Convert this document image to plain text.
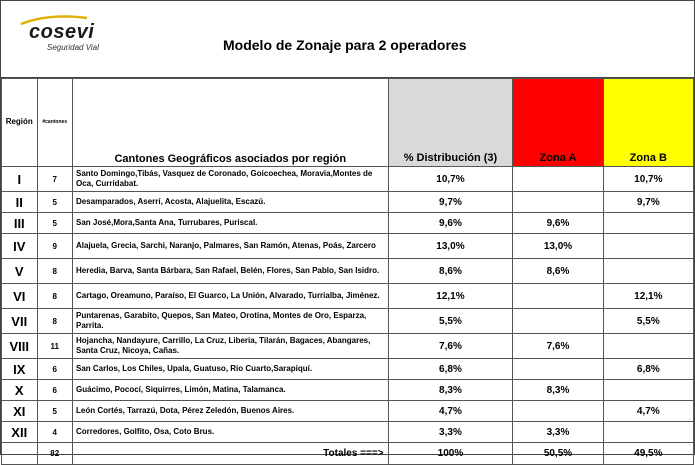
cosevi
Seguridad Vial	Modelo de Zonaje para 2 operadores
Región	#cantones	Cantones Geográficos asociados por región	% Distribución (3)	Zona A	Zona B
I	7	Santo Domingo,Tibás, Vasquez de Coronado, Goicoechea, Moravia,Montes de Oca, Curridabat.	10,7%		10,7%
II	5	Desamparados, Aserrí, Acosta, Alajuelita, Escazú.	9,7%		9,7%
III	5	San José,Mora,Santa Ana, Turrubares, Puriscal.	9,6%	9,6%	
IV	9	Alajuela, Grecia, Sarchi, Naranjo, Palmares, San Ramón, Atenas, Poás, Zarcero	13,0%	13,0%	
V	8	Heredia, Barva, Santa Bárbara, San Rafael, Belén, Flores, San Pablo, San Isidro.	8,6%	8,6%	
VI	8	Cartago, Oreamuno, Paraíso, El Guarco, La Unión, Alvarado, Turrialba, Jiménez.	12,1%		12,1%
VII	8	Puntarenas, Garabito, Quepos, San Mateo, Orotina, Montes de Oro, Esparza, Parrita.	5,5%		5,5%
VIII	11	Hojancha, Nandayure, Carrillo, La Cruz, Liberia, Tilarán, Bagaces, Abangares, Santa Cruz, Nicoya, Cañas.	7,6%	7,6%	
IX	6	San Carlos, Los Chiles, Upala, Guatuso, Rio Cuarto,Sarapiquí.	6,8%		6,8%
X	6	Guácimo, Pococí, Siquirres, Limón, Matina, Talamanca.	8,3%	8,3%	
XI	5	León Cortés, Tarrazú, Dota, Pérez Zeledón, Buenos Aires.	4,7%		4,7%
XII	4	Corredores, Golfito, Osa, Coto Brus.	3,3%	3,3%	
	82	Totales ===>	100%	50,5%	49,5%
